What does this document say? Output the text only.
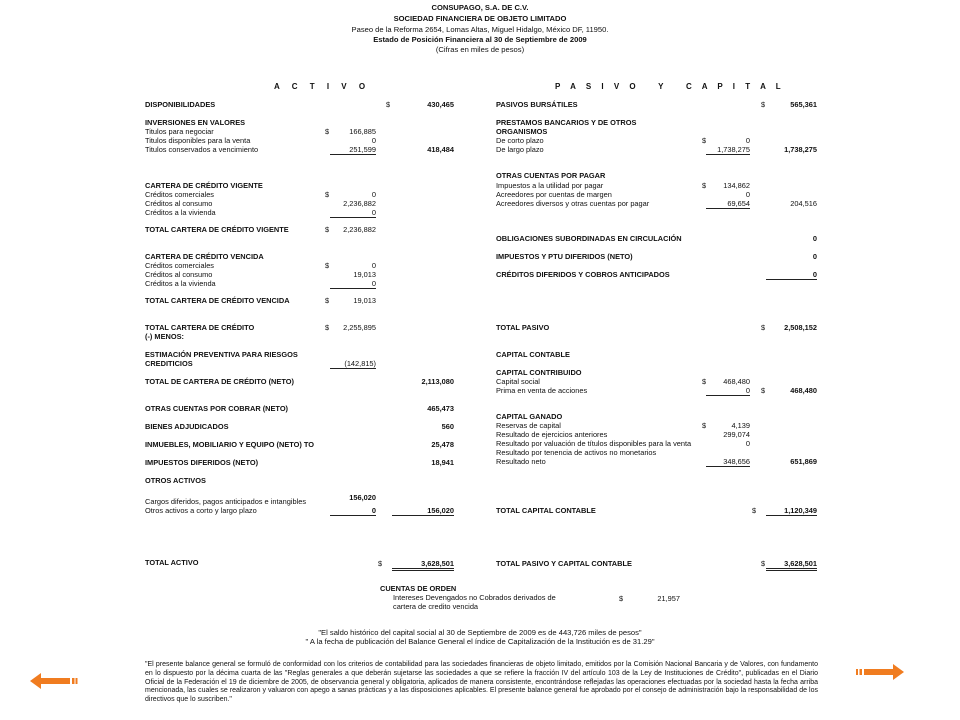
CONSUPAGO, S.A. DE C.V.
SOCIEDAD FINANCIERA DE OBJETO LIMITADO
Paseo de la Reforma 2654, Lomas Altas, Miguel Hidalgo, México DF, 11950.
Estado de Posición Financiera al 30 de Septiembre de 2009
(Cifras en miles de pesos)
A C T I V O	P A S I V O   Y   C A P I T A L
DISPONIBILIDADES	$	430,465
INVERSIONES EN VALORES
Titulos para negociar	$	166,885
Titulos disponibles para la venta	0
Titulos conservados a vencimiento	251,599	418,484
CARTERA DE CRÉDITO VIGENTE
Créditos comerciales	$	0
Créditos al consumo	2,236,882
Créditos a la vivienda	0
TOTAL CARTERA DE CRÉDITO VIGENTE	$	2,236,882
CARTERA DE CRÉDITO VENCIDA
Créditos comerciales	$	0
Créditos al consumo	19,013
Créditos a la vivienda	0
TOTAL CARTERA DE CRÉDITO VENCIDA	$	19,013
TOTAL CARTERA DE CRÉDITO	$	2,255,895
(-) MENOS:
ESTIMACIÓN PREVENTIVA PARA RIESGOS
CREDITICIOS	(142,815)
TOTAL DE CARTERA DE CRÉDITO (NETO)	2,113,080
OTRAS CUENTAS POR COBRAR (NETO)	465,473
BIENES ADJUDICADOS	560
INMUEBLES, MOBILIARIO Y EQUIPO (NETO) TO	25,478
IMPUESTOS DIFERIDOS (NETO)	18,941
OTROS ACTIVOS
Cargos diferidos, pagos anticipados e intangibles	156,020
Otros activos a corto y largo plazo	0	156,020
TOTAL ACTIVO	$	3,628,501
PASIVOS BURSÁTILES	$	565,361
PRESTAMOS BANCARIOS Y DE OTROS
ORGANISMOS
De corto plazo	$	0
De largo plazo	1,738,275	1,738,275
OTRAS CUENTAS POR PAGAR
Impuestos a la utilidad por pagar	$	134,862
Acreedores por cuentas de margen	0
Acreedores diversos y otras cuentas por pagar	69,654	204,516
OBLIGACIONES SUBORDINADAS EN CIRCULACIÓN	0
IMPUESTOS Y PTU DIFERIDOS (NETO)	0
CRÉDITOS DIFERIDOS Y COBROS ANTICIPADOS	0
TOTAL PASIVO	$	2,508,152
CAPITAL CONTABLE
CAPITAL CONTRIBUIDO
Capital social	$	468,480
Prima en venta de acciones	0 $	468,480
CAPITAL GANADO
Reservas de capital	$	4,139
Resultado de ejercicios anteriores	299,074
Resultado por valuación de títulos disponibles para la venta	0
Resultado por tenencia de activos no monetarios
Resultado neto	348,656	651,869
TOTAL CAPITAL CONTABLE	$	1,120,349
TOTAL PASIVO Y CAPITAL CONTABLE	$	3,628,501
CUENTAS DE ORDEN
Intereses Devengados no Cobrados derivados de
cartera de credito vencida
$	21,957
"El saldo histórico del capital social al 30 de Septiembre de 2009 es de 443,726 miles de pesos"
" A la fecha de publicación del Balance General el índice de Capitalización de la Institución es de 31.29"
"El presente balance general se formuló de conformidad con los criterios de contabilidad para las sociedades financieras de objeto limitado, emitidos por la Comisión Nacional Bancaria y de Valores, con fundamento en lo dispuesto por la décima cuarta de las "Reglas generales a que deberán sujetarse las sociedades a que se refiere la fracción IV del artículo 103 de la Ley de Instituciones de Crédito", publicadas en el Diario Oficial de la Federación el 19 de diciembre de 2005, de observancia general y obligatoria, aplicados de manera consistente, encontrándose reflejadas las operaciones efectuadas por la sociedad hasta la fecha arriba mencionada, las cuales se realizaron y valuaron con apego a sanas prácticas y a las disposiciones aplicables. El presente balance general fue aprobado por el consejo de administración bajo la responsabilidad de los directivos que lo suscriben."
